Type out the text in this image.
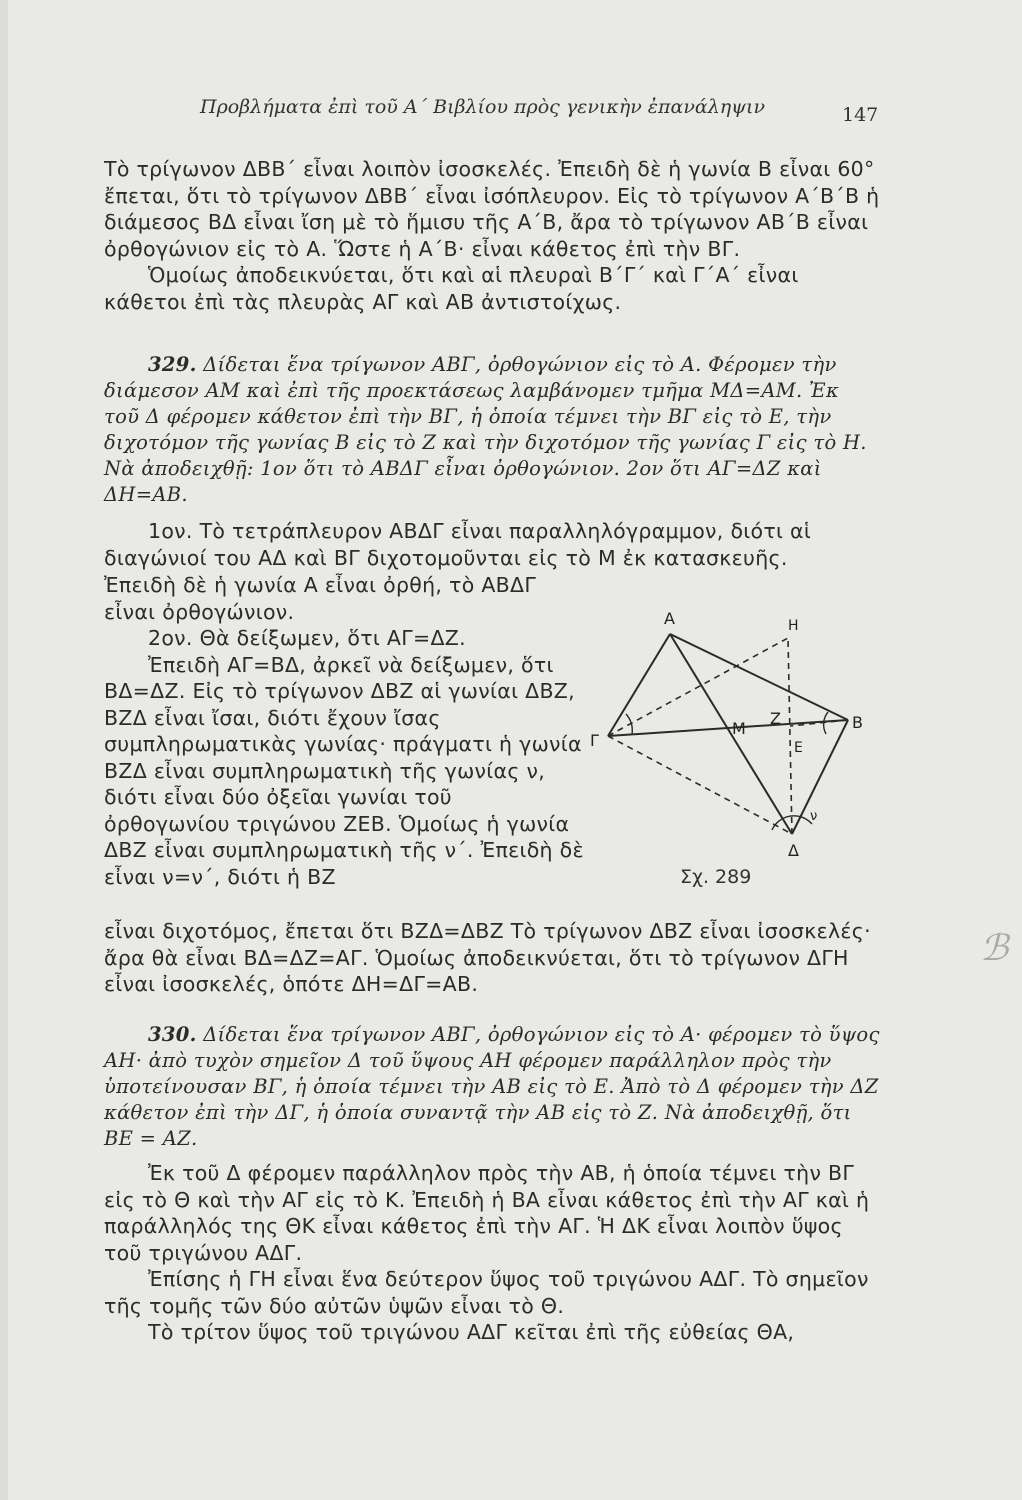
Προβλήματα ἐπὶ τοῦ Α΄ Βιβλίου πρὸς γενικὴν ἐπανάληψιν	147

Τὸ τρίγωνον ΔΒΒ΄ εἶναι λοιπὸν ἰσοσκελές. Ἐπειδὴ δὲ ἡ γωνία Β εἶναι 60° ἔπεται, ὅτι τὸ τρίγωνον ΔΒΒ΄ εἶναι ἰσόπλευρον. Εἰς τὸ τρίγωνον Α΄Β΄Β ἡ διάμεσος ΒΔ εἶναι ἴση μὲ τὸ ἥμισυ τῆς Α΄Β, ἄρα τὸ τρίγωνον ΑΒ΄Β εἶναι ὀρθογώνιον εἰς τὸ Α. Ὥστε ἡ Α΄Β· εἶναι κάθετος ἐπὶ τὴν ΒΓ.

Ὁμοίως ἀποδεικνύεται, ὅτι καὶ αἱ πλευραὶ Β΄Γ΄ καὶ Γ΄Α΄ εἶναι κάθετοι ἐπὶ τὰς πλευρὰς ΑΓ καὶ ΑΒ ἀντιστοίχως.

329. Δίδεται ἕνα τρίγωνον ΑΒΓ, ὀρθογώνιον εἰς τὸ Α. Φέρομεν τὴν διάμεσον ΑΜ καὶ ἐπὶ τῆς προεκτάσεως λαμβάνομεν τμῆμα ΜΔ=ΑΜ. Ἐκ τοῦ Δ φέρομεν κάθετον ἐπὶ τὴν ΒΓ, ἡ ὁποία τέμνει τὴν ΒΓ εἰς τὸ Ε, τὴν διχοτόμον τῆς γωνίας Β εἰς τὸ Ζ καὶ τὴν διχοτόμον τῆς γωνίας Γ εἰς τὸ Η. Νὰ ἀποδειχθῇ: 1ον ὅτι τὸ ΑΒΔΓ εἶναι ὀρθογώνιον. 2ον ὅτι ΑΓ=ΔΖ καὶ ΔΗ=ΑΒ.

1ον. Τὸ τετράπλευρον ΑΒΔΓ εἶναι παραλληλόγραμμον, διότι αἱ διαγώνιοί του ΑΔ καὶ ΒΓ διχοτομοῦνται εἰς τὸ Μ ἐκ κατασκευῆς.

Ἐπειδὴ δὲ ἡ γωνία Α εἶναι ὀρθή, τὸ ΑΒΔΓ εἶναι ὀρθογώνιον.

2ον. Θὰ δείξωμεν, ὅτι ΑΓ=ΔΖ.

Ἐπειδὴ ΑΓ=ΒΔ, ἀρκεῖ νὰ δείξωμεν, ὅτι ΒΔ=ΔΖ. Εἰς τὸ τρίγωνον ΔΒΖ αἱ γωνίαι ΔΒΖ, ΒΖΔ εἶναι ἴσαι, διότι ἔχουν ἴσας συμπληρωματικὰς γωνίας· πράγματι ἡ γωνία ΒΖΔ εἶναι συμπληρωματικὴ τῆς γωνίας ν, διότι εἶναι δύο ὀξεῖαι γωνίαι τοῦ ὀρθογωνίου τριγώνου ΖΕΒ. Ὁμοίως ἡ γωνία ΔΒΖ εἶναι συμπληρωματικὴ τῆς ν΄. Ἐπειδὴ δὲ εἶναι ν=ν΄, διότι ἡ ΒΖ

Α	Η
Γ
Β
Μ
Ζ
Ε
Δ
ν
Σχ. 289

εἶναι διχοτόμος, ἔπεται ὅτι ΒΖΔ=ΔΒΖ Τὸ τρίγωνον ΔΒΖ εἶναι ἰσοσκελές· ἄρα θὰ εἶναι ΒΔ=ΔΖ=ΑΓ. Ὁμοίως ἀποδεικνύεται, ὅτι τὸ τρίγωνον ΔΓΗ εἶναι ἰσοσκελές, ὁπότε ΔΗ=ΔΓ=ΑΒ.

ℬ

330. Δίδεται ἕνα τρίγωνον ΑΒΓ, ὀρθογώνιον εἰς τὸ Α· φέρομεν τὸ ὕψος ΑΗ· ἀπὸ τυχὸν σημεῖον Δ τοῦ ὕψους ΑΗ φέρομεν παράλληλον πρὸς τὴν ὑποτείνουσαν ΒΓ, ἡ ὁποία τέμνει τὴν ΑΒ εἰς τὸ Ε. Ἀπὸ τὸ Δ φέρομεν τὴν ΔΖ κάθετον ἐπὶ τὴν ΔΓ, ἡ ὁποία συναντᾷ τὴν ΑΒ εἰς τὸ Ζ. Νὰ ἀποδειχθῇ, ὅτι ΒΕ = ΑΖ.

Ἐκ τοῦ Δ φέρομεν παράλληλον πρὸς τὴν ΑΒ, ἡ ὁποία τέμνει τὴν ΒΓ εἰς τὸ Θ καὶ τὴν ΑΓ εἰς τὸ Κ. Ἐπειδὴ ἡ ΒΑ εἶναι κάθετος ἐπὶ τὴν ΑΓ καὶ ἡ παράλληλός της ΘΚ εἶναι κάθετος ἐπὶ τὴν ΑΓ. Ἡ ΔΚ εἶναι λοιπὸν ὕψος τοῦ τριγώνου ΑΔΓ.

Ἐπίσης ἡ ΓΗ εἶναι ἕνα δεύτερον ὕψος τοῦ τριγώνου ΑΔΓ. Τὸ σημεῖον τῆς τομῆς τῶν δύο αὐτῶν ὑψῶν εἶναι τὸ Θ.

Τὸ τρίτον ὕψος τοῦ τριγώνου ΑΔΓ κεῖται ἐπὶ τῆς εὐθείας ΘΑ,
